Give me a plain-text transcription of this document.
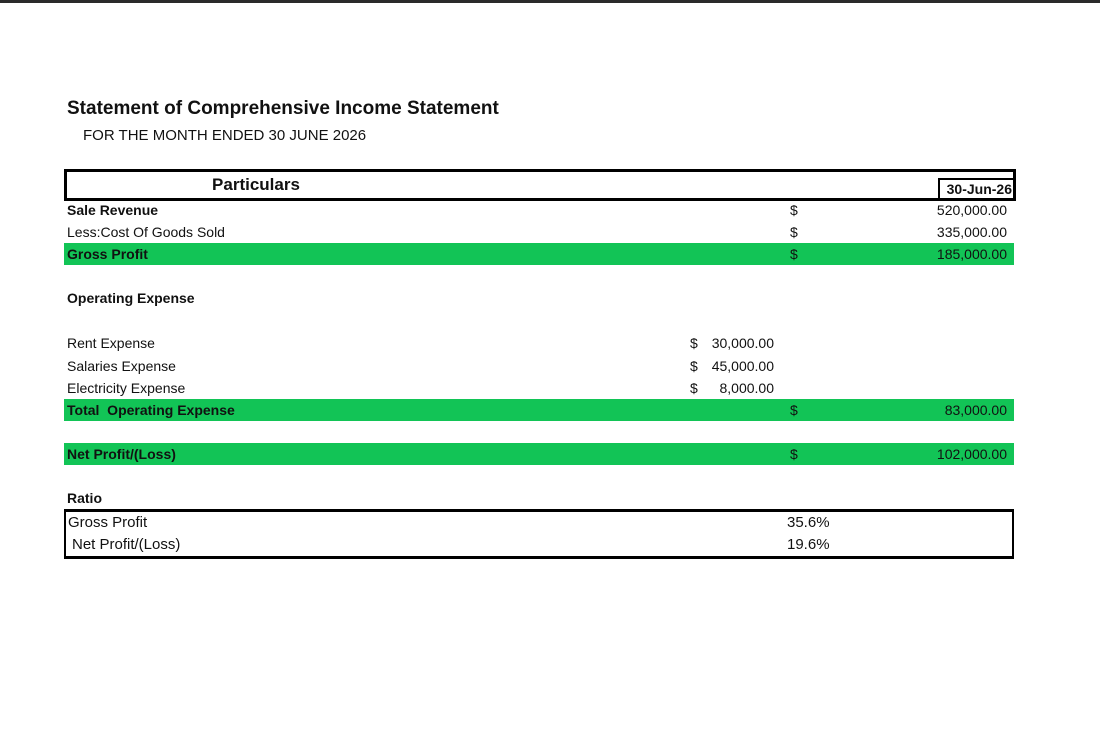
Statement of Comprehensive Income Statement
FOR THE MONTH ENDED 30 JUNE 2026
Particulars	30-Jun-26
Sale Revenue	$	520,000.00
Less:Cost Of Goods Sold	$	335,000.00
Gross Profit	$	185,000.00
Operating Expense
Rent Expense	$ 30,000.00
Salaries Expense	$ 45,000.00
Electricity Expense	$ 8,000.00
Total  Operating Expense	$	83,000.00
Net Profit/(Loss)	$	102,000.00
Ratio
Gross Profit	35.6%
Net Profit/(Loss)	19.6%
